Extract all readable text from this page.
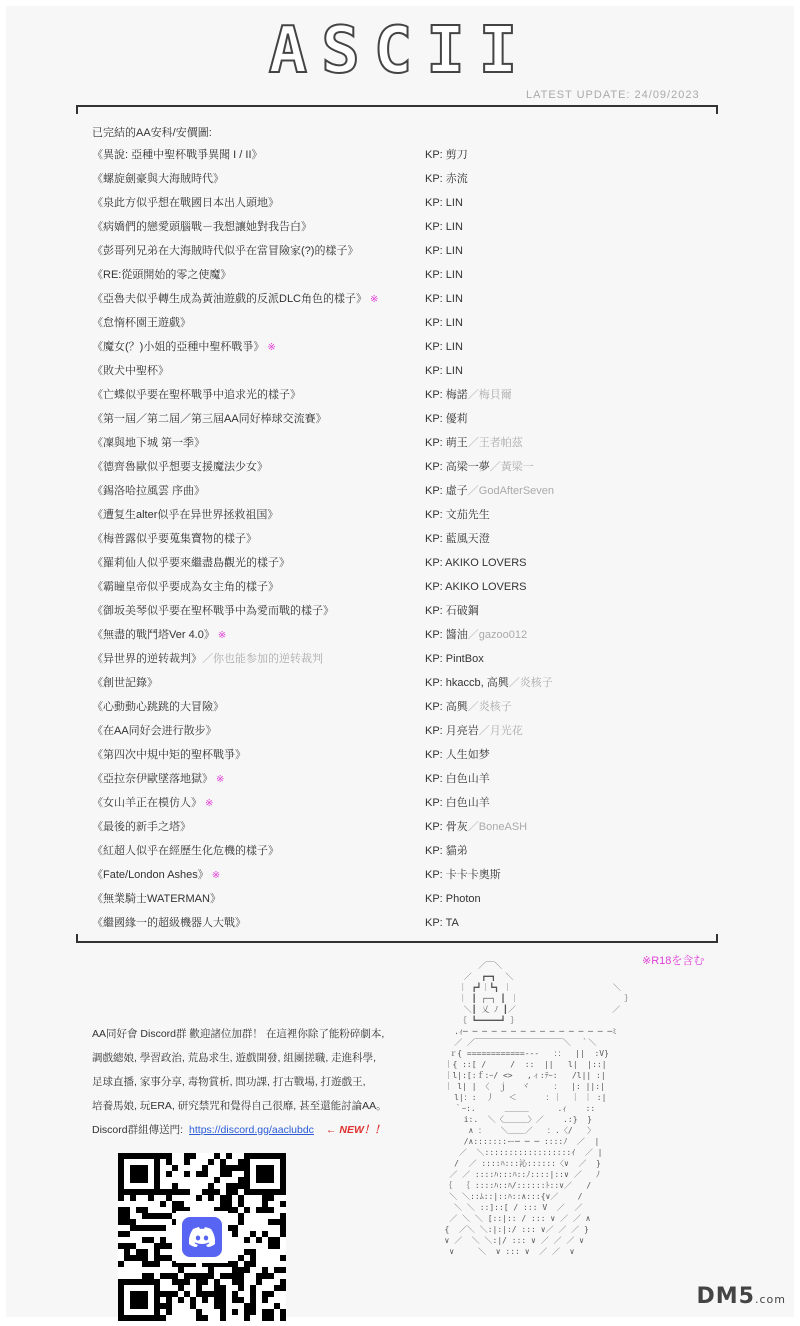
ASCII
LATEST UPDATE: 24/09/2023
已完結的AA安科/安價圖:
《異說: 亞種中聖杯戰爭異聞 I / II》	KP: 剪刀
《螺旋劍豪與大海賊時代》	KP: 赤流
《泉此方似乎想在戰國日本出人頭地》	KP: LIN
《病嬌們的戀愛頭腦戰－我想讓她對我告白》	KP: LIN
《彭哥列兄弟在大海賊時代似乎在當冒險家(?)的樣子》	KP: LIN
《RE:從頭開始的零之使魔》	KP: LIN
《亞魯夫似乎轉生成為黃油遊戲的反派DLC角色的樣子》 ※	KP: LIN
《怠惰杯園王遊戲》	KP: LIN
《魔女(？)小姐的亞種中聖杯戰爭》 ※	KP: LIN
《敗犬中聖杯》	KP: LIN
《亡蝶似乎要在聖杯戰爭中追求光的樣子》	KP: 梅諾／梅貝爾
《第一屆／第二屆／第三屆AA同好棒球交流賽》	KP: 優莉
《凜與地下城 第一季》	KP: 萌王／王者帕茲
《德齊魯歐似乎想要支援魔法少女》	KP: 高梁一夢／黃梁一
《錫洛哈拉風雲 序曲》	KP: 虛子／GodAfterSeven
《遭复生alter似乎在异世界拯救祖国》	KP: 文茄先生
《梅普露似乎要蒐集寶物的樣子》	KP: 藍風天澄
《羅莉仙人似乎要來繼盡島觀光的樣子》	KP: AKIKO LOVERS
《霸瞳皇帝似乎要成為女主角的樣子》	KP: AKIKO LOVERS
《御坂美琴似乎要在聖杯戰爭中為愛而戰的樣子》	KP: 石破鋼
《無盡的戰鬥塔Ver 4.0》 ※	KP: 醬油／gazoo012
《异世界的逆转裁判》／你也能参加的逆转裁判	KP: PintBox
《創世記錄》	KP: hkaccb, 高興／炎核子
《心動動心跳跳的大冒險》	KP: 高興／炎核子
《在AA同好会进行散步》	KP: 月亮岩／月光花
《第四次中規中矩的聖杯戰爭》	KP: 人生如梦
《亞拉奈伊歐墜落地獄》 ※	KP: 白色山羊
《女山羊正在模仿人》 ※	KP: 白色山羊
《最後的新手之塔》	KP: 骨灰／BoneASH
《紅超人似乎在經歷生化危機的樣子》	KP: 貓弟
《Fate/London Ashes》 ※	KP: 卡卡卡奧斯
《無業騎士WATERMAN》	KP: Photon
《繼國緣一的超級機器人大戰》	KP: TA
※R18を含む
AA同好會 Discord群 歡迎諸位加群！ 在這裡你除了能粉碎劇本,
調戲總娘, 學習政治, 荒島求生, 遊戲開發, 組團搓職, 走進科學,
足球直播, 家事分享, 毒物賞析, 問功課, 打古戰場, 打遊戲王,
培養馬娘, 玩ERA, 研究禁咒和覺得自己很靡, 甚至還能討論AA。
Discord群組傳送門: https://discord.gg/aaclubdc ← NEW！！
／￣＼
／  ┏━┓  ＼
｜ ┏┛｜┗┓ ｜                     ＼
｜ ┃ ┌─┐ ┃ ｜                      ｝
＼┃ 乂 ﾉ ┃／                    ／
｛ ┗━━━━━┛ ｝
.ｨ─ ─ ─ ─ ─ ─ ─ ─ ─ ─ ─ ─ ─ ─ ─ ─ﾐ
／ ／￣￣￣￣￣￣￣￣￣￣￣＼  ｀＼
ｒ{ ============---   ：：  ||  :V}
｜{ ::[ /     /  ::  ||   l|  |::|
｜l|:[:ｆ:ｰ/ <>   ,ィ:ﾃｰ:   /l|| :|
｜ l| | 〈  ｊ   ヾ     ：  |: ||:|
l|：:  丿   ＜      ：｜  ｜ ｜ :|
｀ｰ:.      ＿＿＿      .ｨ    ::
i:.  ＼〈＿＿＿〉／    .:}  }
∧ ：   ＼＿＿／   ：.〈/   〉
/∧:::::::ー─ ─ ─ ::::ﾉ  ／  |
／  ＼::::::::::::::::::ｲ  ／ |
/  ／ ::::ﾊ:::沁::::::〈∨  ／  }
／ ／ ::::ﾊ:::ﾊ::ﾉ::::|::∨ ／   ﾉ
｛  ｛ ::::ﾊ::ﾊ/::::::ﾄ::∨／   /
＼ ＼::ﾑ::|::ﾊ::∧:::{∨／    /
＼ ＼ ::]::[ / ::: V  ／  ／
／ ＼ ＼ [::|:: / ::: ∨ ／ ／ ∧
{  ／＼ ＼:|:|:/ ::: ∨／ ／ ／ }
∨ ／  ＼ ＼:|/ ::: ∨ ／ ／ ／ ∨
∨     ＼  ∨ ::: ∨  ／ ／  ∨
DM5.com
